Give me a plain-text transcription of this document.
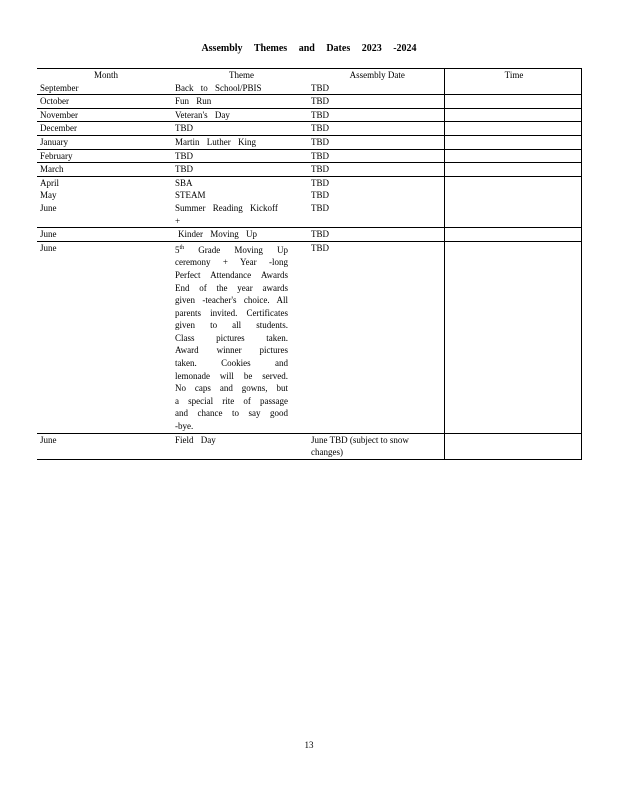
Assembly Themes and Dates 2023 -2024
Month	Theme	Assembly Date	Time
September	Back to School/PBIS	TBD	
October	Fun Run	TBD	
November	Veteran's Day	TBD	
December	TBD	TBD	
January	Martin Luther King	TBD	
February	TBD	TBD	
March	TBD	TBD	
April	SBA	TBD	
May	STEAM	TBD	
June	Summer Reading Kickoff +	TBD	
June	Kinder Moving Up	TBD	
June	5th Grade Moving Up ceremony + Year -long Perfect Attendance Awards End of the year awards given -teacher's choice. All parents invited. Certificates given to all students. Class pictures taken. Award winner pictures taken. Cookies and lemonade will be served. No caps and gowns, but a special rite of passage and chance to say good -bye.	TBD	
June	Field Day	June TBD (subject to snow changes)	
13
